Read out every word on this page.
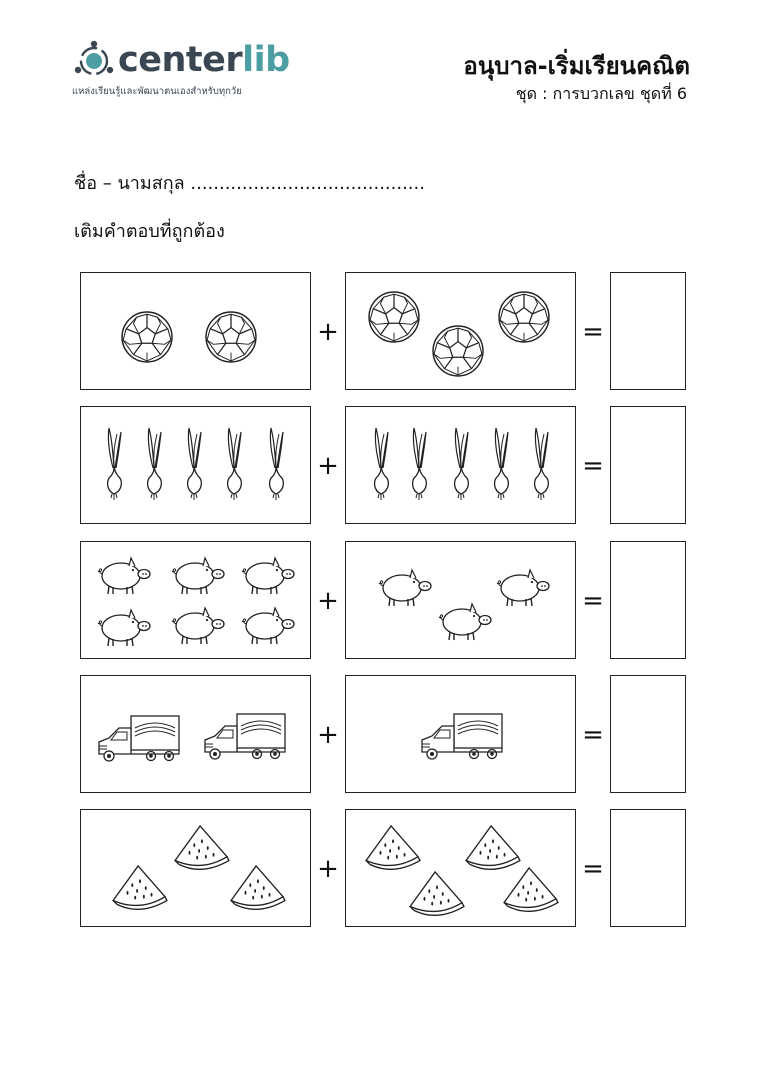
centerlib
แหล่งเรียนรู้และพัฒนาตนเองสำหรับทุกวัย
อนุบาล-เริ่มเรียนคณิต
ชุด : การบวกเลข ชุดที่ 6
ชื่อ – นามสกุล .........................................
เติมคำตอบที่ถูกต้อง
+	=
+	=
+	=
+	=
+	=
